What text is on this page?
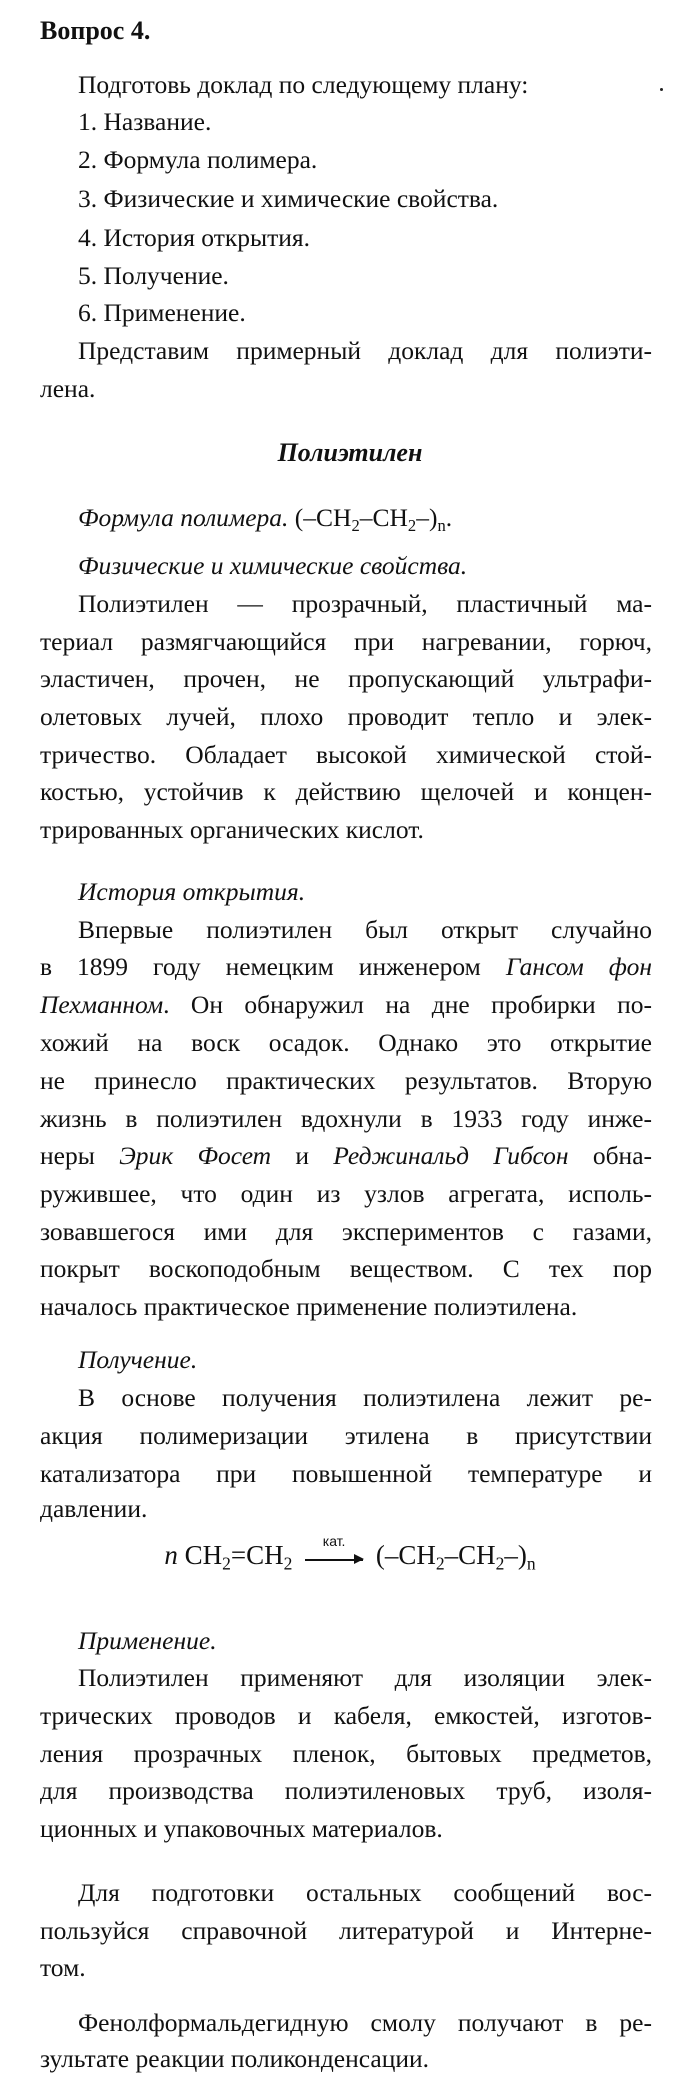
Вопрос 4.
Подготовь доклад по следующему плану:
1. Название.
2. Формула полимера.
3. Физические и химические свойства.
4. История открытия.
5. Получение.
6. Применение.
Представим примерный доклад для полиэти-
лена.
Полиэтилен
Формула полимера. $(-CH_2-CH_2-)_n$.
Физические и химические свойства.
Полиэтилен — прозрачный, пластичный ма-
териал размягчающийся при нагревании, горюч,
эластичен, прочен, не пропускающий ультрафи-
олетовых лучей, плохо проводит тепло и элек-
тричество. Обладает высокой химической стой-
костью, устойчив к действию щелочей и концен-
трированных органических кислот.
История открытия.
Впервые полиэтилен был открыт случайно
в 1899 году немецким инженером Гансом фон
Пехманном. Он обнаружил на дне пробирки по-
хожий на воск осадок. Однако это открытие
не принесло практических результатов. Вторую
жизнь в полиэтилен вдохнули в 1933 году инже-
неры Эрик Фосет и Реджинальд Гибсон обна-
ружившее, что один из узлов агрегата, исполь-
зовавшегося ими для экспериментов с газами,
покрыт воскоподобным веществом. С тех пор
началось практическое применение полиэтилена.
Получение.
В основе получения полиэтилена лежит ре-
акция полимеризации этилена в присутствии
катализатора при повышенной температуре и
давлении.
n $CH_2=CH_2$
кат.	$(-CH_2-CH_2-)_n$
Применение.
Полиэтилен применяют для изоляции элек-
трических проводов и кабеля, емкостей, изготов-
ления прозрачных пленок, бытовых предметов,
для производства полиэтиленовых труб, изоля-
ционных и упаковочных материалов.
Для подготовки остальных сообщений вос-
пользуйся справочной литературой и Интерне-
том.
Фенолформальдегидную смолу получают в ре-
зультате реакции поликонденсации.
